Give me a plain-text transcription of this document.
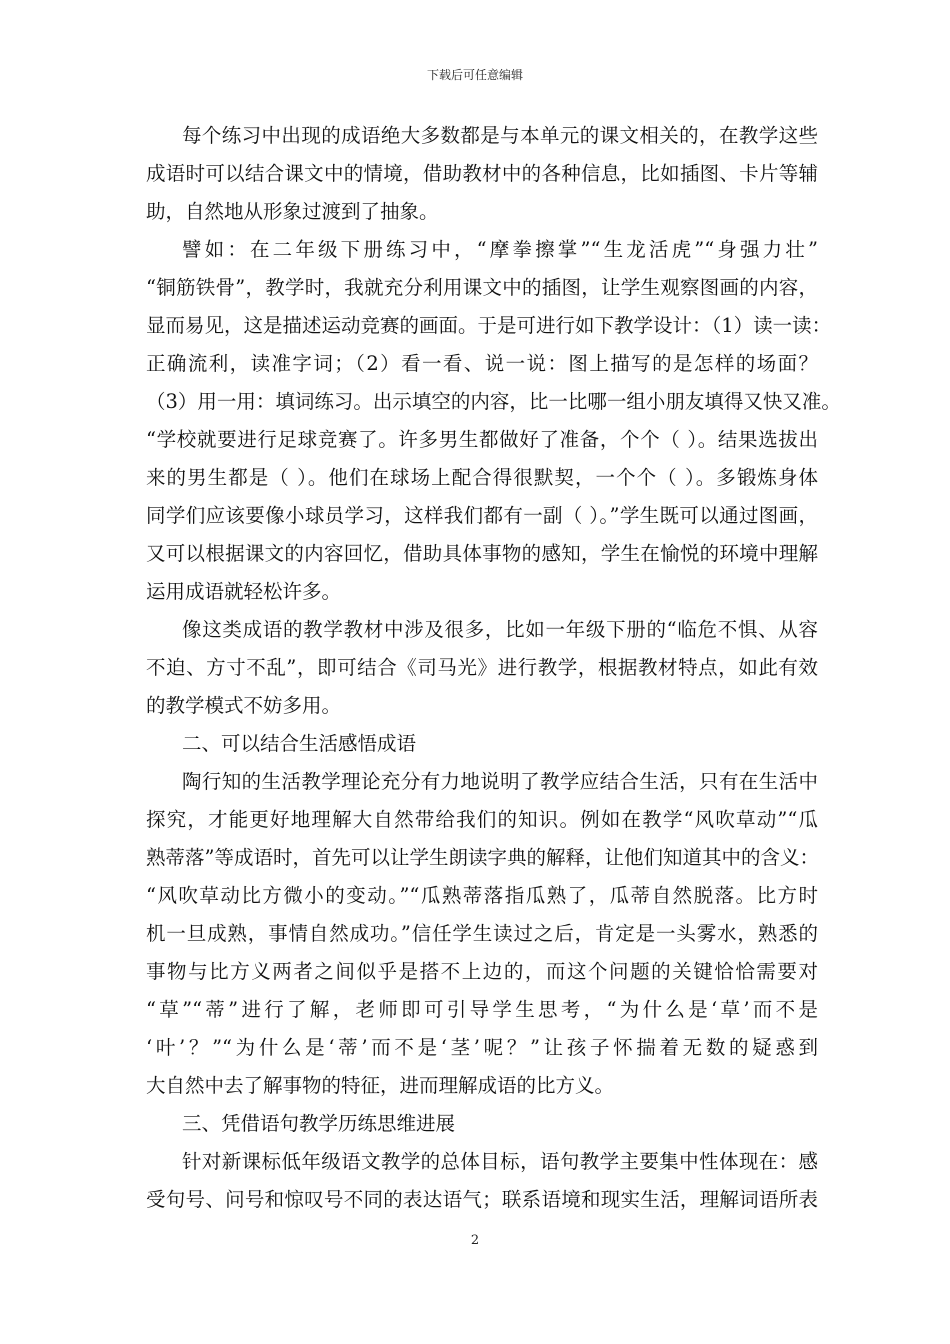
下载后可任意编辑
每个练习中出现的成语绝大多数都是与本单元的课文相关的，在教学这些
成语时可以结合课文中的情境，借助教材中的各种信息，比如插图、卡片等辅
助，自然地从形象过渡到了抽象。
譬如：在二年级下册练习中，“摩拳擦掌”“生龙活虎”“身强力壮”
“铜筋铁骨”，教学时，我就充分利用课文中的插图，让学生观察图画的内容，
显而易见，这是描述运动竞赛的画面。于是可进行如下教学设计：（1）读一读：
正确流利，读准字词；（2）看一看、说一说：图上描写的是怎样的场面？
（3）用一用：填词练习。出示填空的内容，比一比哪一组小朋友填得又快又准。
“学校就要进行足球竞赛了。许多男生都做好了准备，个个（ ）。结果选拔出
来的男生都是（ ）。他们在球场上配合得很默契，一个个（ ）。多锻炼身体
同学们应该要像小球员学习，这样我们都有一副（ ）。”学生既可以通过图画，
又可以根据课文的内容回忆，借助具体事物的感知，学生在愉悦的环境中理解
运用成语就轻松许多。
像这类成语的教学教材中涉及很多，比如一年级下册的“临危不惧、从容
不迫、方寸不乱”，即可结合《司马光》进行教学，根据教材特点，如此有效
的教学模式不妨多用。
二、可以结合生活感悟成语
陶行知的生活教学理论充分有力地说明了教学应结合生活，只有在生活中
探究，才能更好地理解大自然带给我们的知识。例如在教学“风吹草动”“瓜
熟蒂落”等成语时，首先可以让学生朗读字典的解释，让他们知道其中的含义：
“风吹草动比方微小的变动。”“瓜熟蒂落指瓜熟了，瓜蒂自然脱落。比方时
机一旦成熟，事情自然成功。”信任学生读过之后，肯定是一头雾水，熟悉的
事物与比方义两者之间似乎是搭不上边的，而这个问题的关键恰恰需要对
“草”“蒂”进行了解，老师即可引导学生思考，“为什么是‘草’而不是
‘叶’？”“为什么是‘蒂’而不是‘茎’呢？”让孩子怀揣着无数的疑惑到
大自然中去了解事物的特征，进而理解成语的比方义。
三、凭借语句教学历练思维进展
针对新课标低年级语文教学的总体目标，语句教学主要集中性体现在：感
受句号、问号和惊叹号不同的表达语气；联系语境和现实生活，理解词语所表
2
